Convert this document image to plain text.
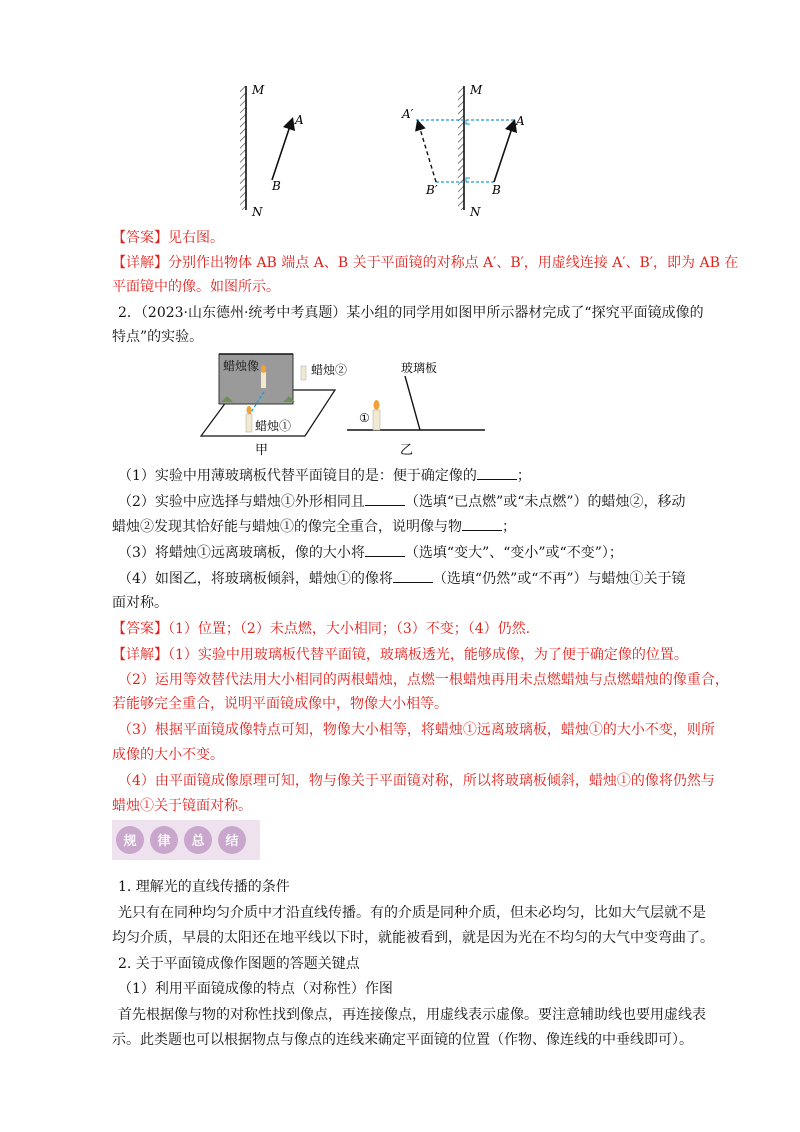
M
N
A
B
M
N
A
B
A′
B′
【答案】见右图。
【详解】分别作出物体 AB 端点 A、B 关于平面镜的对称点 A′、B′，用虚线连接 A′、B′，即为 AB 在
平面镜中的像。如图所示。
2．（2023·山东德州·统考中考真题）某小组的同学用如图甲所示器材完成了“探究平面镜成像的
特点”的实验。
蜡烛像	蜡烛②
蜡烛①
甲
玻璃板
①
乙
（1）实验中用薄玻璃板代替平面镜目的是：便于确定像的	；
（2）实验中应选择与蜡烛①外形相同且	（选填“已点燃”或“未点燃”）的蜡烛②，移动
蜡烛②发现其恰好能与蜡烛①的像完全重合，说明像与物	；
（3）将蜡烛①远离玻璃板，像的大小将	（选填“变大”、“变小”或“不变”）；
（4）如图乙，将玻璃板倾斜，蜡烛①的像将	（选填“仍然”或“不再”）与蜡烛①关于镜
面对称。
【答案】（1）位置；（2）未点燃，大小相同；（3）不变；（4）仍然.
【详解】（1）实验中用玻璃板代替平面镜，玻璃板透光，能够成像，为了便于确定像的位置。
（2）运用等效替代法用大小相同的两根蜡烛，点燃一根蜡烛再用未点燃蜡烛与点燃蜡烛的像重合，
若能够完全重合，说明平面镜成像中，物像大小相等。
（3）根据平面镜成像特点可知，物像大小相等，将蜡烛①远离玻璃板，蜡烛①的大小不变，则所
成像的大小不变。
（4）由平面镜成像原理可知，物与像关于平面镜对称，所以将玻璃板倾斜，蜡烛①的像将仍然与
蜡烛①关于镜面对称。
规 律 总 结
1. 理解光的直线传播的条件
光只有在同种均匀介质中才沿直线传播。有的介质是同种介质，但未必均匀，比如大气层就不是
均匀介质，早晨的太阳还在地平线以下时，就能被看到，就是因为光在不均匀的大气中变弯曲了。
2. 关于平面镜成像作图题的答题关键点
（1）利用平面镜成像的特点（对称性）作图
首先根据像与物的对称性找到像点，再连接像点，用虚线表示虚像。要注意辅助线也要用虚线表
示。此类题也可以根据物点与像点的连线来确定平面镜的位置（作物、像连线的中垂线即可）。
